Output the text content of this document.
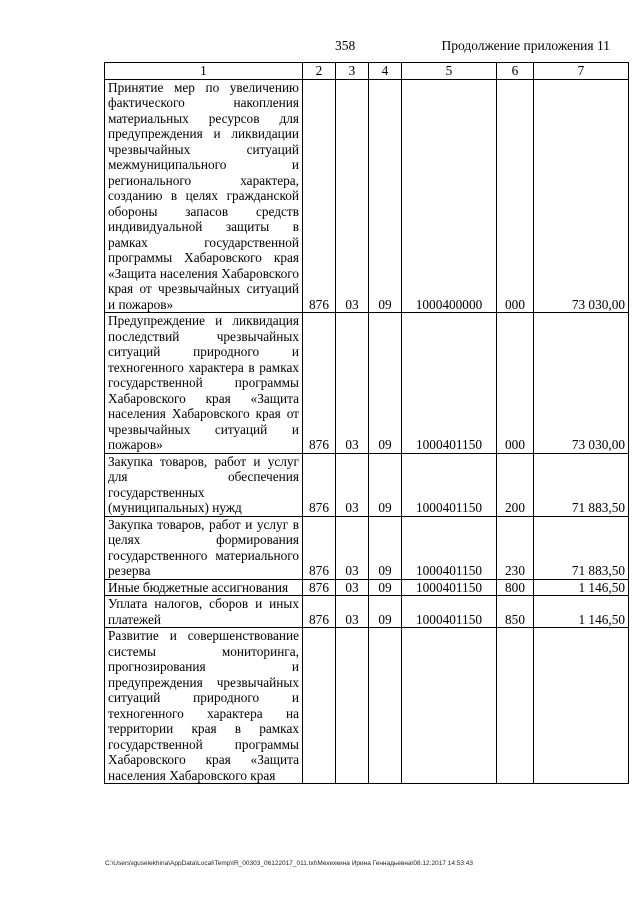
358	Продолжение приложения 11
1	2	3	4	5	6	7
Принятие мер по увеличению фактического накопления материальных ресурсов для предупреждения и ликвидации чрезвычайных ситуаций межмуниципального и регионального характера, созданию в целях гражданской обороны запасов средств индивидуальной защиты в рамках государственной программы Хабаровского края «Защита населения Хабаровского края от чрезвычайных ситуаций и пожаров»	876	03	09	1000400000	000	73 030,00
Предупреждение и ликвидация последствий чрезвычайных ситуаций природного и техногенного характера в рамках государственной программы Хабаровского края «Защита населения Хабаровского края от чрезвычайных ситуаций и пожаров»	876	03	09	1000401150	000	73 030,00
Закупка товаров, работ и услуг для обеспечения государственных (муниципальных) нужд	876	03	09	1000401150	200	71 883,50
Закупка товаров, работ и услуг в целях формирования государственного материального резерва	876	03	09	1000401150	230	71 883,50
Иные бюджетные ассигнования	876	03	09	1000401150	800	1 146,50
Уплата налогов, сборов и иных платежей	876	03	09	1000401150	850	1 146,50
Развитие и совершенствование системы мониторинга, прогнозирования и предупреждения чрезвычайных ситуаций природного и техногенного характера на территории края в рамках государственной программы Хабаровского края «Защита населения Хабаровского края						
C:\Users\iguselekhina\AppData\Local\Temp\IR_00303_06122017_011.txt\Мехехкина Ирина Геннадьевна\08.12.2017 14:53:43
